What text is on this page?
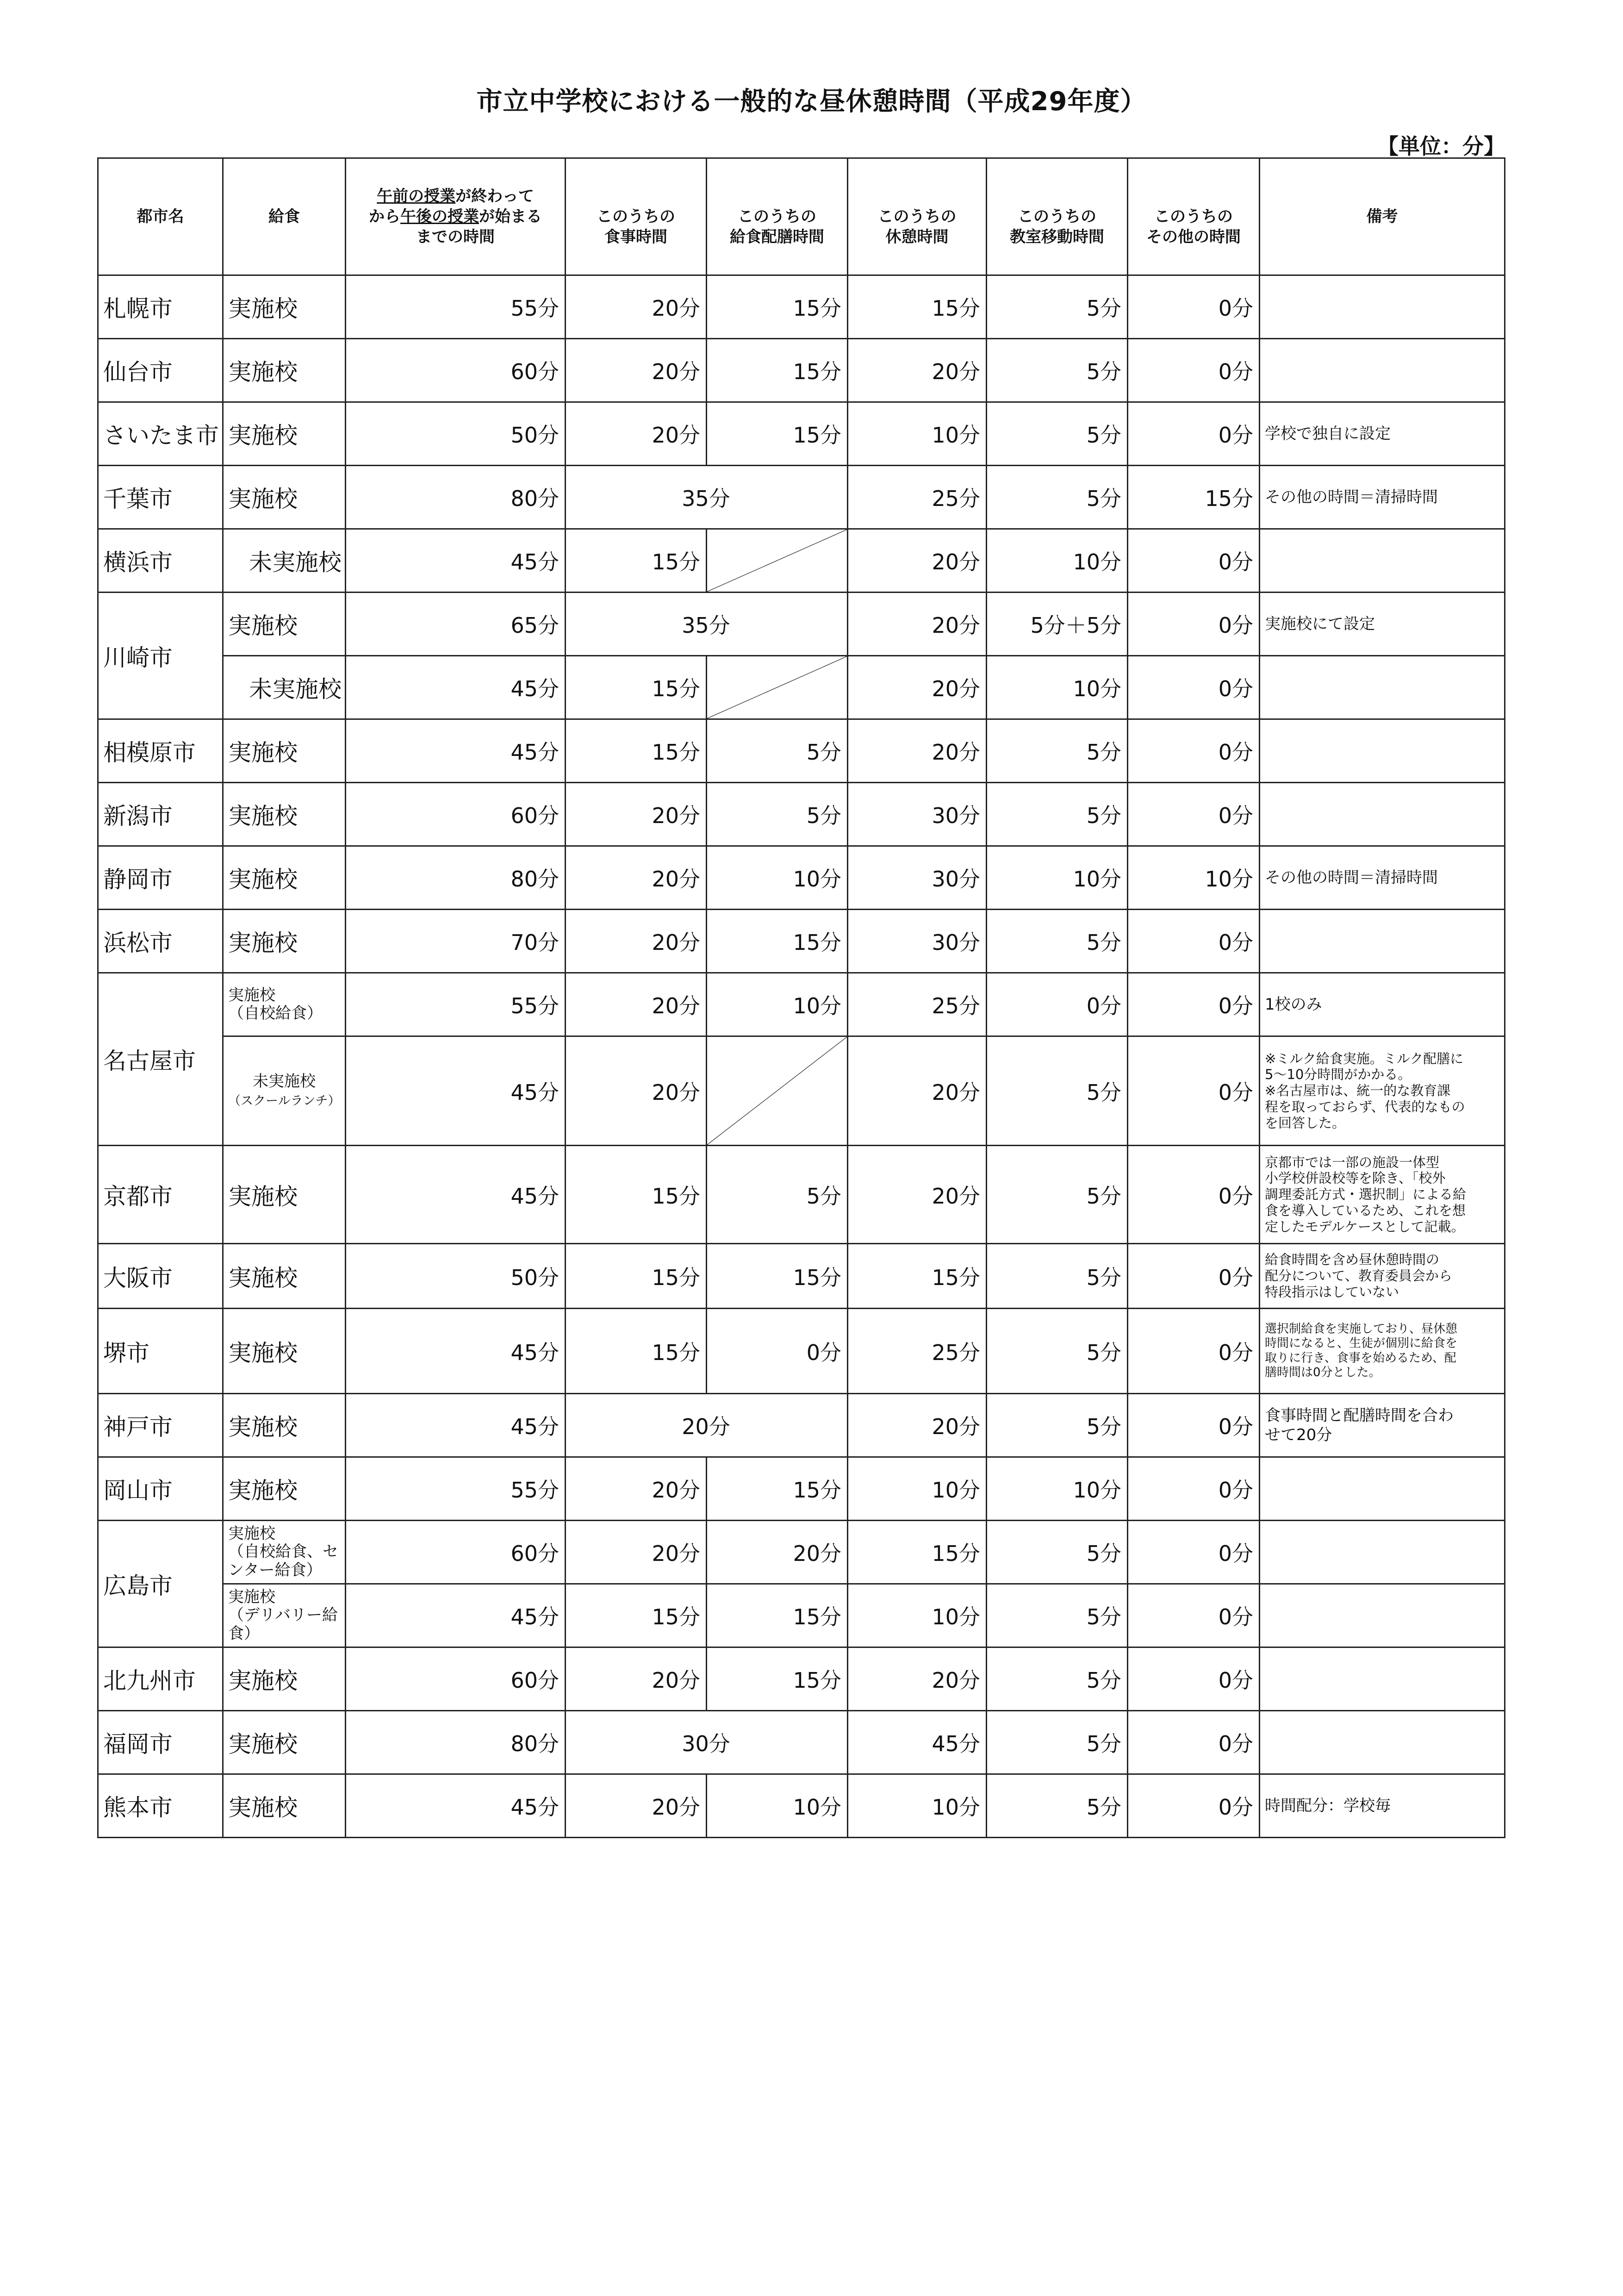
市立中学校における一般的な昼休憩時間（平成29年度）
【単位：分】
都市名	給食	午前の授業が終わって
から午後の授業が始まる
までの時間	このうちの
食事時間	このうちの
給食配膳時間	このうちの
休憩時間	このうちの
教室移動時間	このうちの
その他の時間	備考
札幌市	実施校	55分	20分	15分	15分	5分	0分	
仙台市	実施校	60分	20分	15分	20分	5分	0分	
さいたま市	実施校	50分	20分	15分	10分	5分	0分	学校で独自に設定
千葉市	実施校	80分	35分		25分	5分	15分	その他の時間＝清掃時間
横浜市	未実施校	45分	15分		20分	10分	0分	
川崎市	実施校	65分	35分		20分	5分＋5分	0分	実施校にて設定
	未実施校	45分	15分		20分	10分	0分	
相模原市	実施校	45分	15分	5分	20分	5分	0分	
新潟市	実施校	60分	20分	5分	30分	5分	0分	
静岡市	実施校	80分	20分	10分	30分	10分	10分	その他の時間＝清掃時間
浜松市	実施校	70分	20分	15分	30分	5分	0分	
名古屋市	実施校
（自校給食）	55分	20分	10分	25分	0分	0分	1校のみ
	未実施校
（スクールランチ）	45分	20分		20分	5分	0分	※ミルク給食実施。ミルク配膳に
5～10分時間がかかる。
※名古屋市は、統一的な教育課
程を取っておらず、代表的なもの
を回答した。
京都市	実施校	45分	15分	5分	20分	5分	0分	京都市では一部の施設一体型
小学校併設校等を除き、「校外
調理委託方式・選択制」による給
食を導入しているため、これを想
定したモデルケースとして記載。
大阪市	実施校	50分	15分	15分	15分	5分	0分	給食時間を含め昼休憩時間の
配分について、教育委員会から
特段指示はしていない
堺市	実施校	45分	15分	0分	25分	5分	0分	選択制給食を実施しており、昼休憩
時間になると、生徒が個別に給食を
取りに行き、食事を始めるため、配
膳時間は0分とした。
神戸市	実施校	45分	20分		20分	5分	0分	食事時間と配膳時間を合わ
せて20分
岡山市	実施校	55分	20分	15分	10分	10分	0分	
広島市	実施校
（自校給食、セ
ンター給食）	60分	20分	20分	15分	5分	0分	
	実施校
（デリバリー給
食）	45分	15分	15分	10分	5分	0分	
北九州市	実施校	60分	20分	15分	20分	5分	0分	
福岡市	実施校	80分	30分		45分	5分	0分	
熊本市	実施校	45分	20分	10分	10分	5分	0分	時間配分：学校毎
